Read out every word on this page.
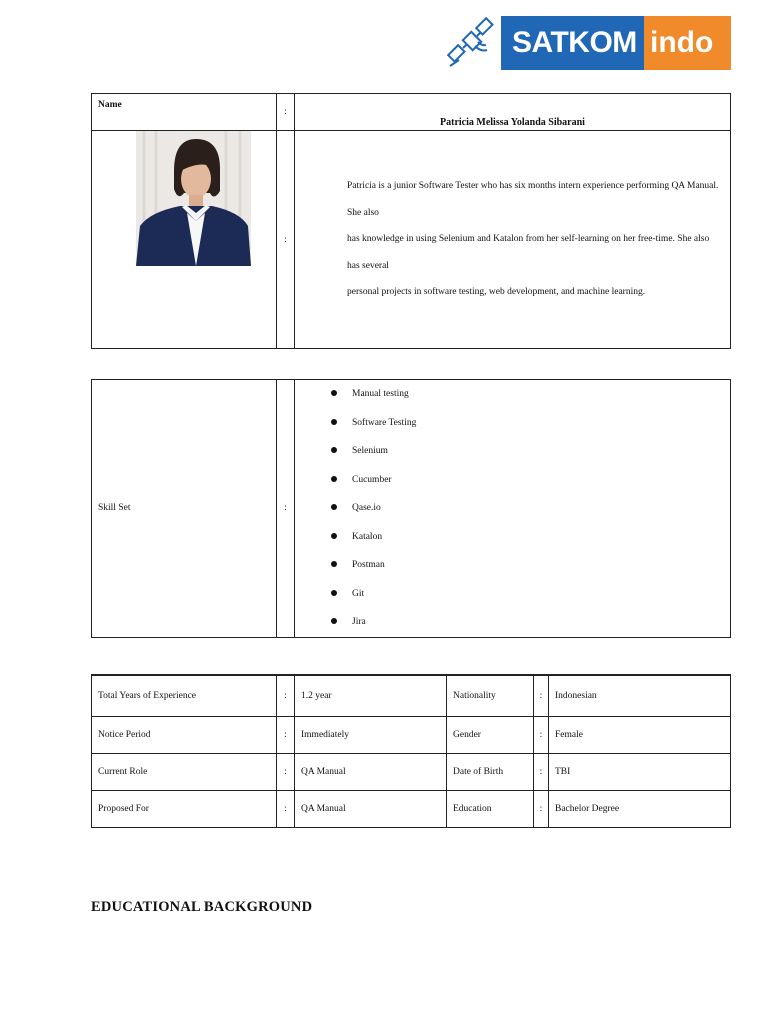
SATKOM indo
Name	:	Patricia Melissa Yolanda Sibarani

	:	Patricia is a junior Software Tester who has six months intern experience performing QA Manual. She also

has knowledge in using Selenium and Katalon from her self-learning on her free-time. She also has several

personal projects in software testing, web development, and machine learning.

Skill Set	:	
Manual testing
Software Testing
Selenium
Cucumber
Qase.io
Katalon
Postman
Git
Jira
Total Years of Experience	:	1.2 year	Nationality	:	Indonesian
Notice Period	:	Immediately	Gender	:	Female
Current Role	:	QA Manual	Date of Birth	:	TBI
Proposed For	:	QA Manual	Education	:	Bachelor Degree
EDUCATIONAL BACKGROUND
